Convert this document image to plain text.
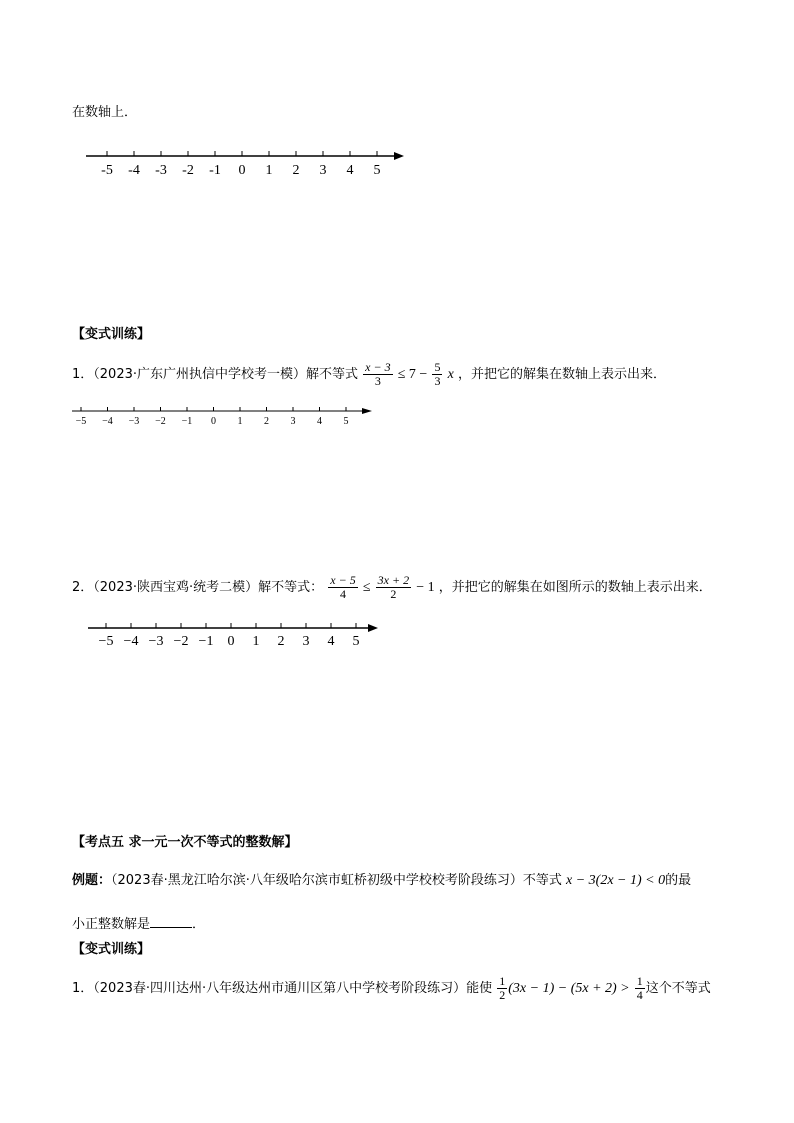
在数轴上．
-5 -4 -3 -2 -1 0 1 2 3 4 5
【变式训练】
1．（2023·广东广州执信中学校考一模）解不等式 $\frac{x - 3}{3} \le 7 - \frac{5}{3}$ x ，并把它的解集在数轴上表示出来．
−5 −4 −3 −2 −1 0 1 2 3 4 5
2．（2023·陕西宝鸡·统考二模）解不等式： $\frac{x - 5}{4} \le \frac{3x + 2}{2} - 1$ ，并把它的解集在如图所示的数轴上表示出来．
−5 −4 −3 −2 −1 0 1 2 3 4 5
【考点五 求一元一次不等式的整数解】
例题：（2023春·黑龙江哈尔滨·八年级哈尔滨市虹桥初级中学校校考阶段练习）不等式 x − 3(2x − 1) < 0的最
小正整数解是	．
【变式训练】
1．（2023春·四川达州·八年级达州市通川区第八中学校考阶段练习）能使 $\frac{1}{2} (3x - 1) - (5x + 2) > \frac{1}{4}$ 这个不等式
